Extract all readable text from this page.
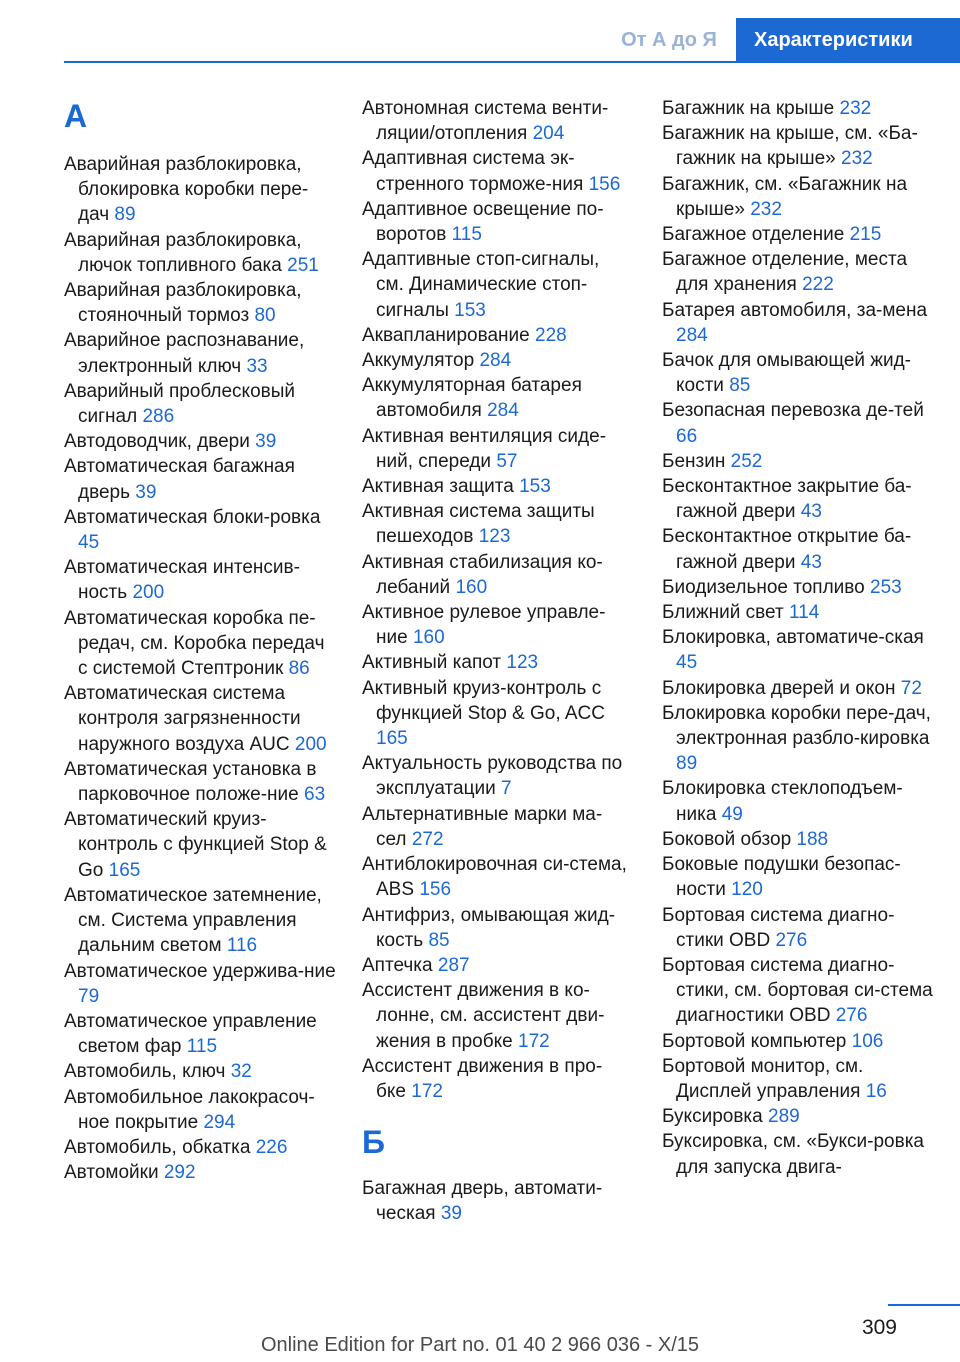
От А до Я	Характеристики
А
Аварийная разблокировка, блокировка коробки пере-дач 89
Аварийная разблокировка, лючок топливного бака 251
Аварийная разблокировка, стояночный тормоз 80
Аварийное распознавание, электронный ключ 33
Аварийный проблесковый сигнал 286
Автодоводчик, двери 39
Автоматическая багажная дверь 39
Автоматическая блоки-ровка 45
Автоматическая интенсив-ность 200
Автоматическая коробка пе-редач, см. Коробка передач с системой Стептроник 86
Автоматическая система контроля загрязненности наружного воздуха AUC 200
Автоматическая установка в парковочное положе-ние 63
Автоматический круиз-контроль с функцией Stop & Go 165
Автоматическое затемнение, см. Система управления дальним светом 116
Автоматическое удержива-ние 79
Автоматическое управление светом фар 115
Автомобиль, ключ 32
Автомобильное лакокрасоч-ное покрытие 294
Автомобиль, обкатка 226
Автомойки 292
Автономная система венти-ляции/отопления 204
Адаптивная система эк-стренного торможе-ния 156
Адаптивное освещение по-воротов 115
Адаптивные стоп-сигналы, см. Динамические стоп-сигналы 153
Аквапланирование 228
Аккумулятор 284
Аккумуляторная батарея автомобиля 284
Активная вентиляция сиде-ний, спереди 57
Активная защита 153
Активная система защиты пешеходов 123
Активная стабилизация ко-лебаний 160
Активное рулевое управле-ние 160
Активный капот 123
Активный круиз-контроль с функцией Stop & Go, ACC 165
Актуальность руководства по эксплуатации 7
Альтернативные марки ма-сел 272
Антиблокировочная си-стема, ABS 156
Антифриз, омывающая жид-кость 85
Аптечка 287
Ассистент движения в ко-лонне, см. ассистент дви-жения в пробке 172
Ассистент движения в про-бке 172
Б
Багажная дверь, автомати-ческая 39
Багажник на крыше 232
Багажник на крыше, см. «Ба-гажник на крыше» 232
Багажник, см. «Багажник на крыше» 232
Багажное отделение 215
Багажное отделение, места для хранения 222
Батарея автомобиля, за-мена 284
Бачок для омывающей жид-кости 85
Безопасная перевозка де-тей 66
Бензин 252
Бесконтактное закрытие ба-гажной двери 43
Бесконтактное открытие ба-гажной двери 43
Биодизельное топливо 253
Ближний свет 114
Блокировка, автоматиче-ская 45
Блокировка дверей и окон 72
Блокировка коробки пере-дач, электронная разбло-кировка 89
Блокировка стеклоподъем-ника 49
Боковой обзор 188
Боковые подушки безопас-ности 120
Бортовая система диагно-стики OBD 276
Бортовая система диагно-стики, см. бортовая си-стема диагностики OBD 276
Бортовой компьютер 106
Бортовой монитор, см. Дисплей управления 16
Буксировка 289
Буксировка, см. «Букси-ровка для запуска двига-
309
Online Edition for Part no. 01 40 2 966 036 - X/15
